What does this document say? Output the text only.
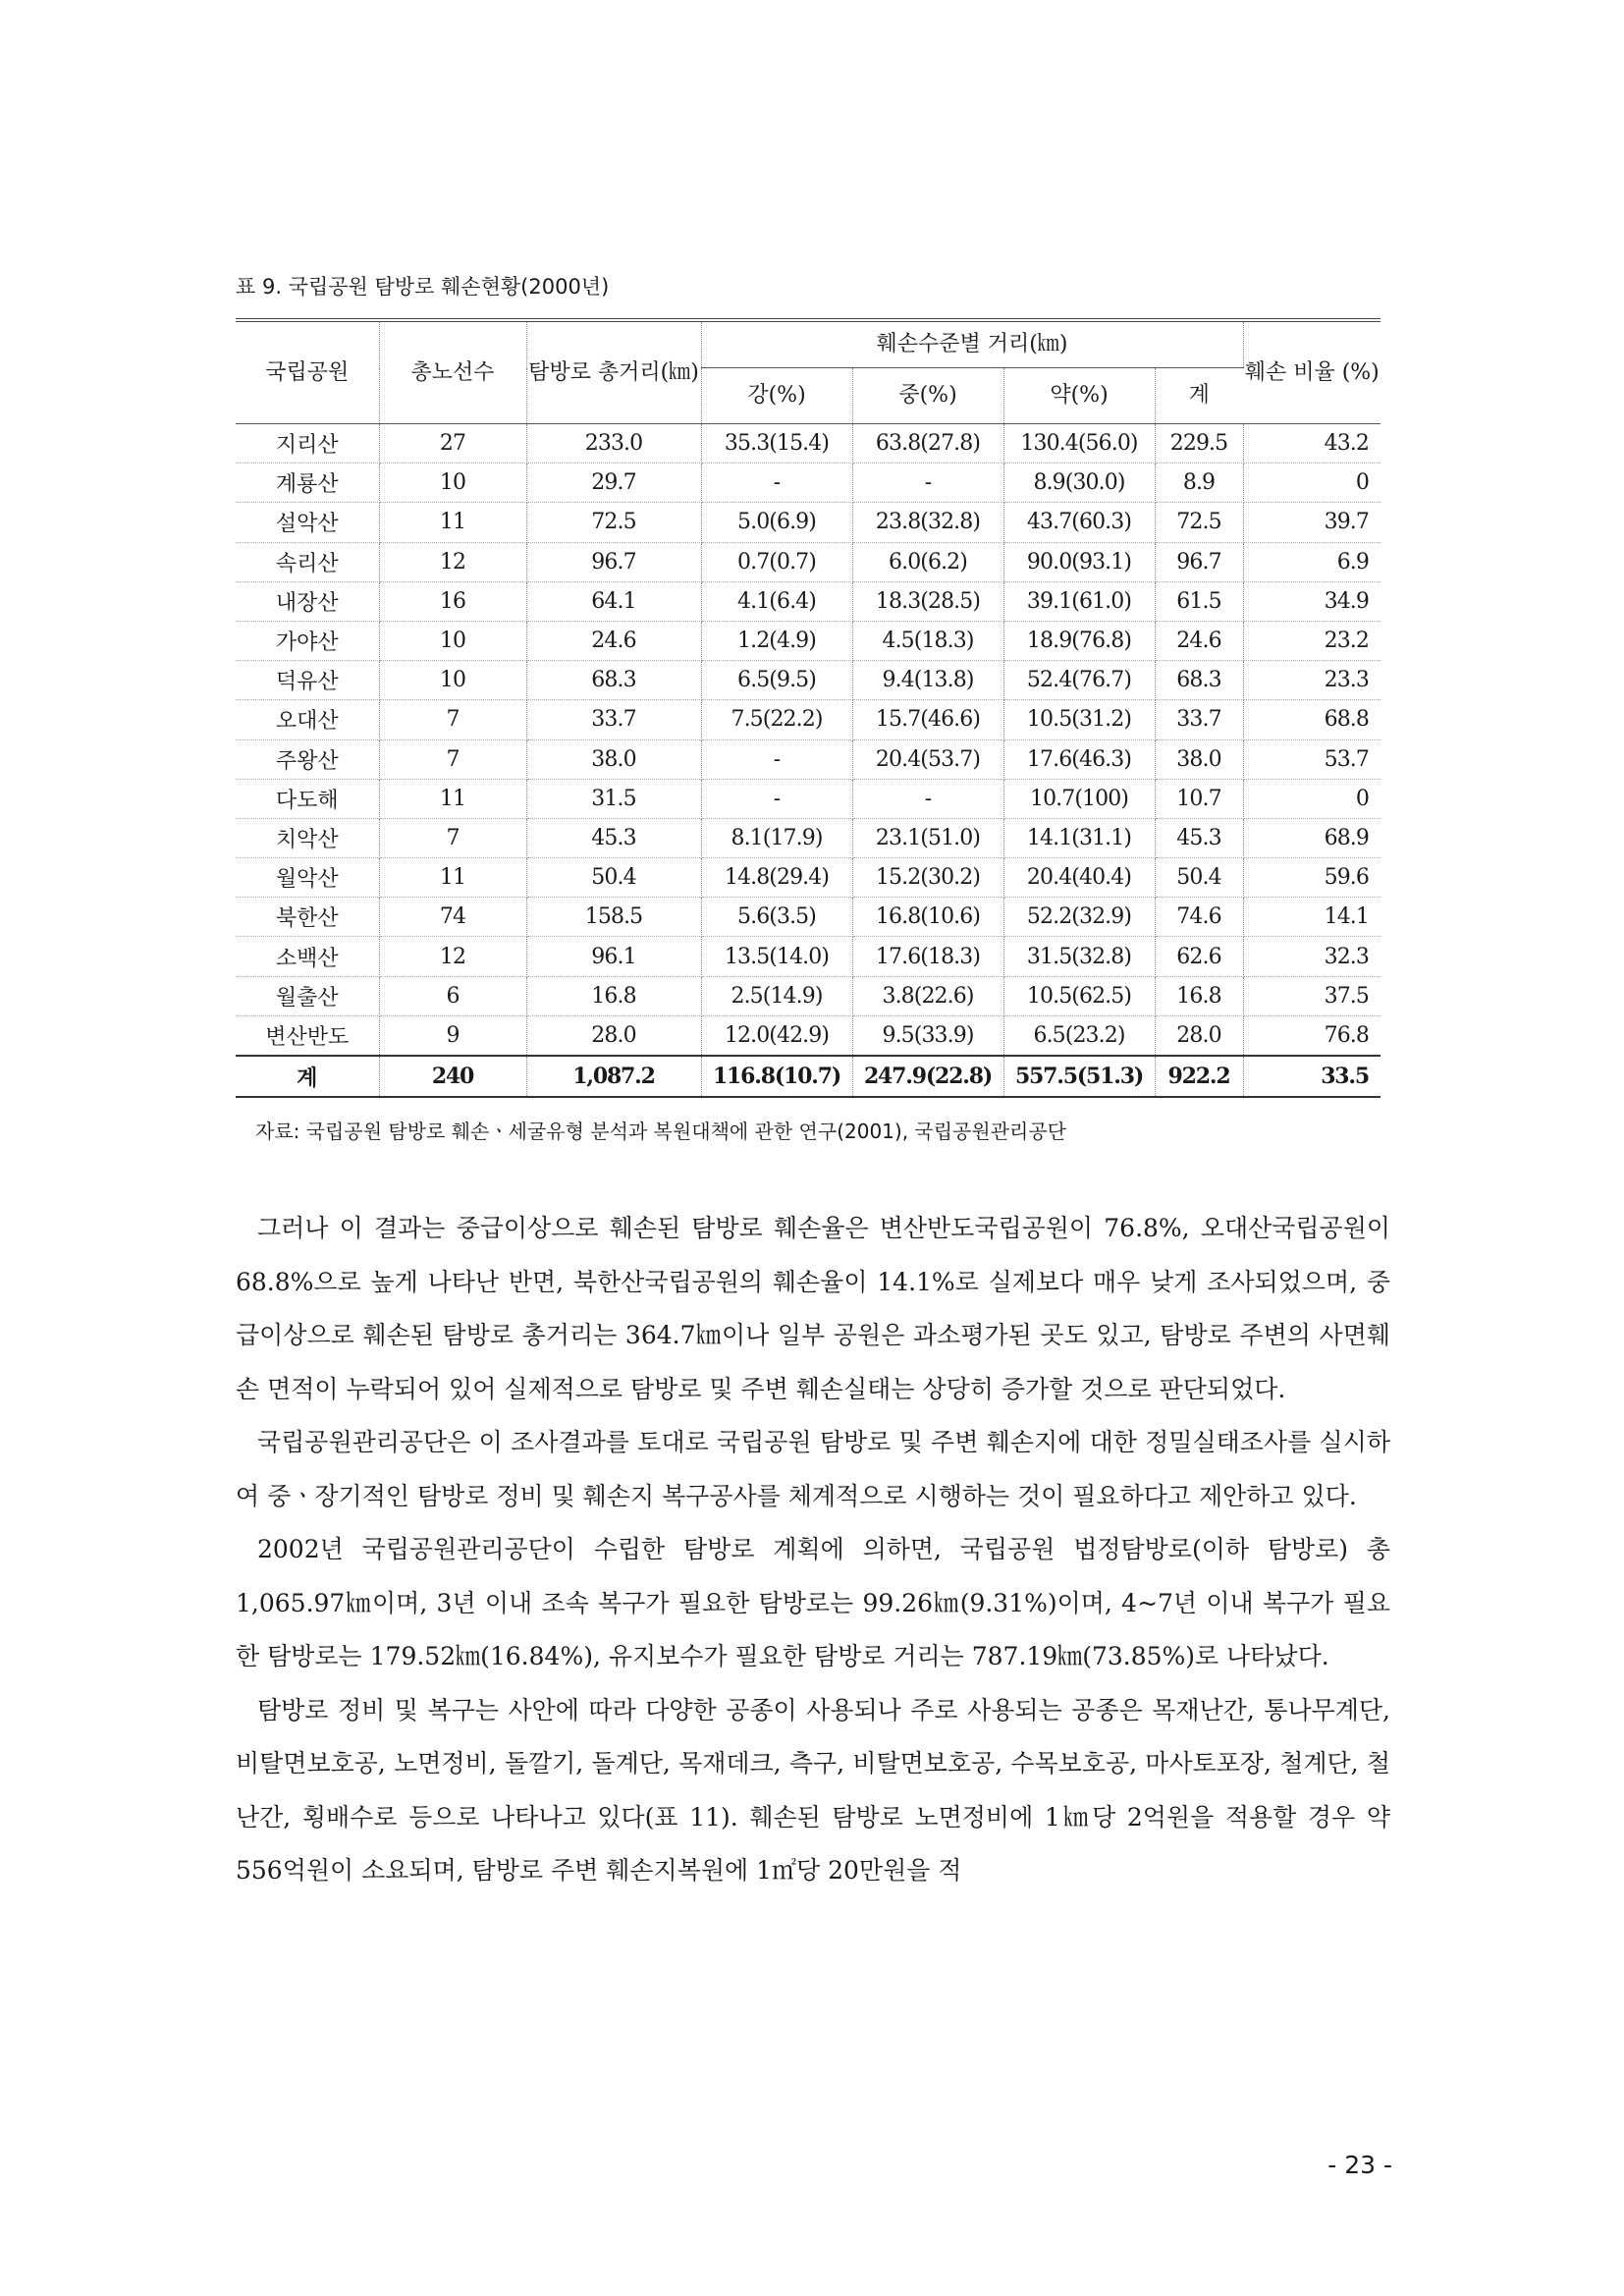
표 9. 국립공원 탐방로 훼손현황(2000년)
국립공원	총노선수	탐방로 총거리(㎞)	훼손수준별 거리(㎞)				훼손 비율 (%)
			강(%)	중(%)	약(%)	계	
지리산	27	233.0	35.3(15.4)	63.8(27.8)	130.4(56.0)	229.5	43.2
계룡산	10	29.7	-	-	8.9(30.0)	8.9	0
설악산	11	72.5	5.0(6.9)	23.8(32.8)	43.7(60.3)	72.5	39.7
속리산	12	96.7	0.7(0.7)	6.0(6.2)	90.0(93.1)	96.7	6.9
내장산	16	64.1	4.1(6.4)	18.3(28.5)	39.1(61.0)	61.5	34.9
가야산	10	24.6	1.2(4.9)	4.5(18.3)	18.9(76.8)	24.6	23.2
덕유산	10	68.3	6.5(9.5)	9.4(13.8)	52.4(76.7)	68.3	23.3
오대산	7	33.7	7.5(22.2)	15.7(46.6)	10.5(31.2)	33.7	68.8
주왕산	7	38.0	-	20.4(53.7)	17.6(46.3)	38.0	53.7
다도해	11	31.5	-	-	10.7(100)	10.7	0
치악산	7	45.3	8.1(17.9)	23.1(51.0)	14.1(31.1)	45.3	68.9
월악산	11	50.4	14.8(29.4)	15.2(30.2)	20.4(40.4)	50.4	59.6
북한산	74	158.5	5.6(3.5)	16.8(10.6)	52.2(32.9)	74.6	14.1
소백산	12	96.1	13.5(14.0)	17.6(18.3)	31.5(32.8)	62.6	32.3
월출산	6	16.8	2.5(14.9)	3.8(22.6)	10.5(62.5)	16.8	37.5
변산반도	9	28.0	12.0(42.9)	9.5(33.9)	6.5(23.2)	28.0	76.8
계	240	1,087.2	116.8(10.7)	247.9(22.8)	557.5(51.3)	922.2	33.5
자료: 국립공원 탐방로 훼손ㆍ세굴유형 분석과 복원대책에 관한 연구(2001), 국립공원관리공단

그러나 이 결과는 중급이상으로 훼손된 탐방로 훼손율은 변산반도국립공원이 76.8%, 오대산국립공원이 68.8%으로 높게 나타난 반면, 북한산국립공원의 훼손율이 14.1%로 실제보다 매우 낮게 조사되었으며, 중급이상으로 훼손된 탐방로 총거리는 364.7㎞이나 일부 공원은 과소평가된 곳도 있고, 탐방로 주변의 사면훼손 면적이 누락되어 있어 실제적으로 탐방로 및 주변 훼손실태는 상당히 증가할 것으로 판단되었다.

국립공원관리공단은 이 조사결과를 토대로 국립공원 탐방로 및 주변 훼손지에 대한 정밀실태조사를 실시하여 중ㆍ장기적인 탐방로 정비 및 훼손지 복구공사를 체계적으로 시행하는 것이 필요하다고 제안하고 있다.

2002년 국립공원관리공단이 수립한 탐방로 계획에 의하면, 국립공원 법정탐방로(이하 탐방로) 총 1,065.97㎞이며, 3년 이내 조속 복구가 필요한 탐방로는 99.26㎞(9.31%)이며, 4~7년 이내 복구가 필요한 탐방로는 179.52㎞(16.84%), 유지보수가 필요한 탐방로 거리는 787.19㎞(73.85%)로 나타났다.

탐방로 정비 및 복구는 사안에 따라 다양한 공종이 사용되나 주로 사용되는 공종은 목재난간, 통나무계단, 비탈면보호공, 노면정비, 돌깔기, 돌계단, 목재데크, 측구, 비탈면보호공, 수목보호공, 마사토포장, 철계단, 철난간, 횡배수로 등으로 나타나고 있다(표 11). 훼손된 탐방로 노면정비에 1㎞당 2억원을 적용할 경우 약 556억원이 소요되며, 탐방로 주변 훼손지복원에 1㎡당 20만원을 적

- 23 -
